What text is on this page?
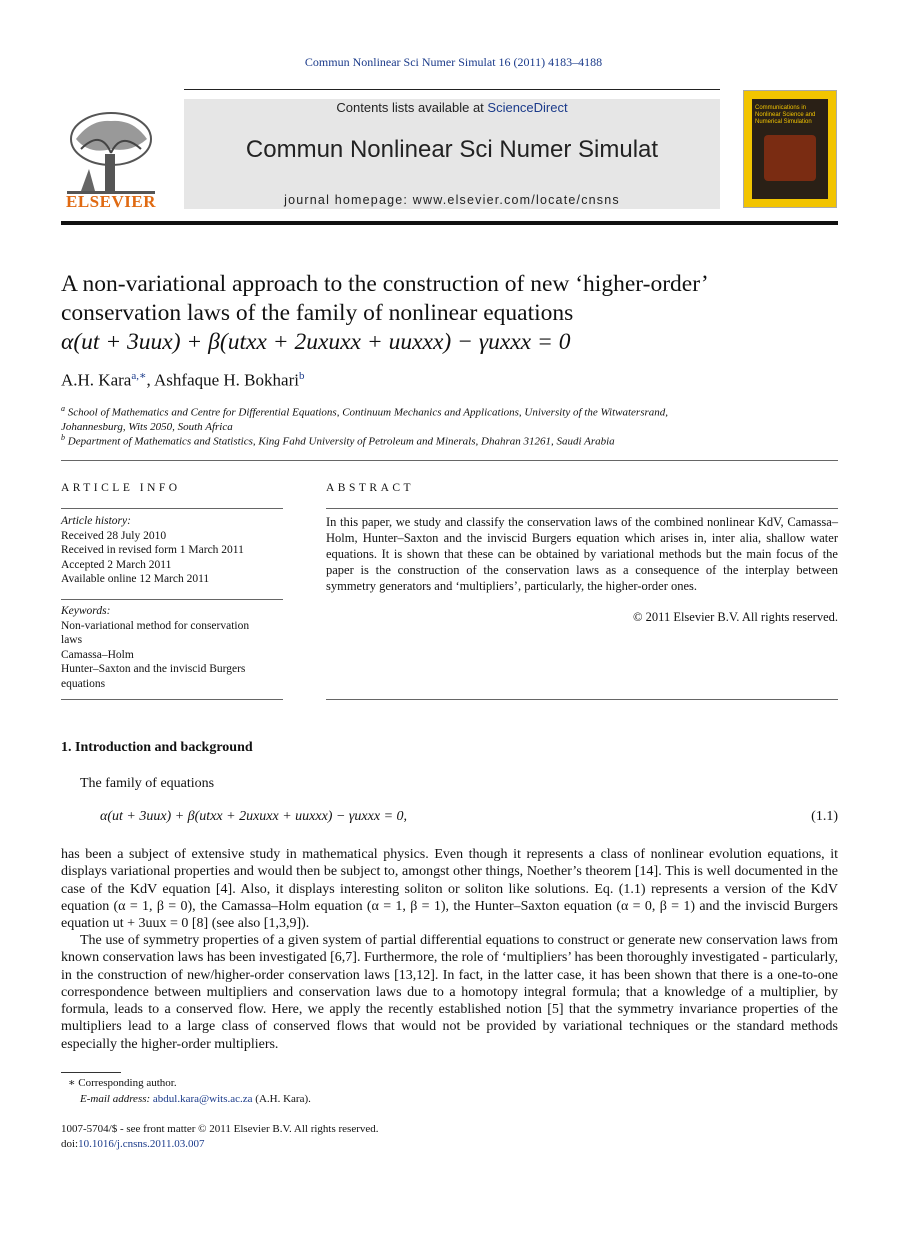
Commun Nonlinear Sci Numer Simulat 16 (2011) 4183–4188
ELSEVIER
Contents lists available at ScienceDirect
Commun Nonlinear Sci Numer Simulat
journal homepage: www.elsevier.com/locate/cnsns
Communications in Nonlinear Science and Numerical Simulation
A non-variational approach to the construction of new ‘higher-order’
conservation laws of the family of nonlinear equations
α(ut + 3uux) + β(utxx + 2uxuxx + uuxxx) − γuxxx = 0
A.H. Kara$^{a,∗}$, Ashfaque H. Bokhari$^b$
$^a$ School of Mathematics and Centre for Differential Equations, Continuum Mechanics and Applications, University of the Witwatersrand,
Johannesburg, Wits 2050, South Africa
$^b$ Department of Mathematics and Statistics, King Fahd University of Petroleum and Minerals, Dhahran 31261, Saudi Arabia
ARTICLE INFO
Article history:
Received 28 July 2010
Received in revised form 1 March 2011
Accepted 2 March 2011
Available online 12 March 2011
Keywords:
Non-variational method for conservation
laws
Camassa–Holm
Hunter–Saxton and the inviscid Burgers
equations
ABSTRACT
In this paper, we study and classify the conservation laws of the combined nonlinear KdV, Camassa–Holm, Hunter–Saxton and the inviscid Burgers equation which arises in, inter alia, shallow water equations. It is shown that these can be obtained by variational methods but the main focus of the paper is the construction of the conservation laws as a consequence of the interplay between symmetry generators and ‘multipliers’, particularly, the higher-order ones.
© 2011 Elsevier B.V. All rights reserved.
1. Introduction and background
The family of equations
α(ut + 3uux) + β(utxx + 2uxuxx + uuxxx) − γuxxx = 0,	(1.1)
has been a subject of extensive study in mathematical physics. Even though it represents a class of nonlinear evolution equations, it displays variational properties and would then be subject to, amongst other things, Noether’s theorem [14]. This is well documented in the case of the KdV equation [4]. Also, it displays interesting soliton or soliton like solutions. Eq. (1.1) represents a version of the KdV equation (α = 1, β = 0), the Camassa–Holm equation (α = 1, β = 1), the Hunter–Saxton equation (α = 0, β = 1) and the inviscid Burgers equation ut + 3uux = 0 [8] (see also [1,3,9]).
The use of symmetry properties of a given system of partial differential equations to construct or generate new conservation laws from known conservation laws has been investigated [6,7]. Furthermore, the role of ‘multipliers’ has been thoroughly investigated - particularly, in the construction of new/higher-order conservation laws [13,12]. In fact, in the latter case, it has been shown that there is a one-to-one correspondence between multipliers and conservation laws due to a homotopy integral formula; that a knowledge of a multiplier, by formula, leads to a conserved flow. Here, we apply the recently established notion [5] that the symmetry invariance properties of the multipliers lead to a large class of conserved flows that would not be provided by variational techniques or the standard methods especially the higher-order multipliers.
∗ Corresponding author.
E-mail address: abdul.kara@wits.ac.za (A.H. Kara).
1007-5704/$ - see front matter © 2011 Elsevier B.V. All rights reserved.
doi:10.1016/j.cnsns.2011.03.007
